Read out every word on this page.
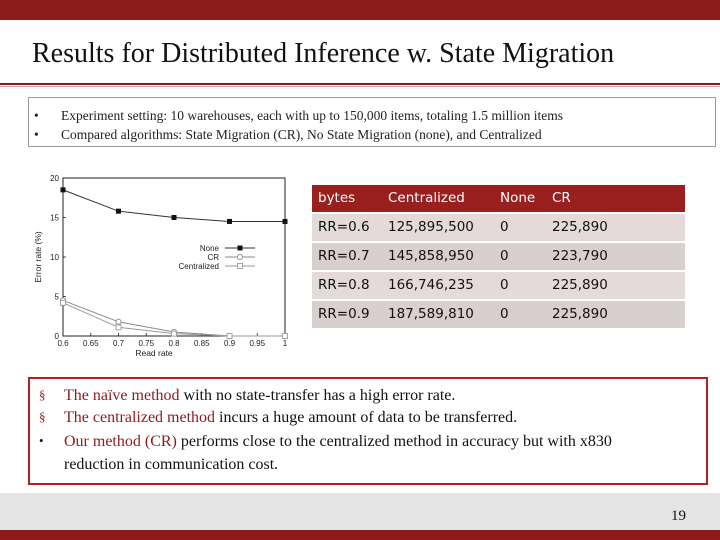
Results for Distributed Inference w. State Migration
• Experiment setting: 10 warehouses, each with up to 150,000 items, totaling 1.5 million items
• Compared algorithms: State Migration (CR), No State Migration (none), and Centralized
0.6 0.65 0.7 0.75 0.8 0.85 0.9 0.95 1
0
5
10
15
20
Read rate
Error rate (%)	None
CR
Centralized
bytes	Centralized	None	CR
RR=0.6	125,895,500	0	225,890
RR=0.7	145,858,950	0	223,790
RR=0.8	166,746,235	0	225,890
RR=0.9	187,589,810	0	225,890
§ The naïve method with no state-transfer has a high error rate.
§ The centralized method incurs a huge amount of data to be transferred.
• Our method (CR) performs close to the centralized method in accuracy but with x830
reduction in communication cost.
19
